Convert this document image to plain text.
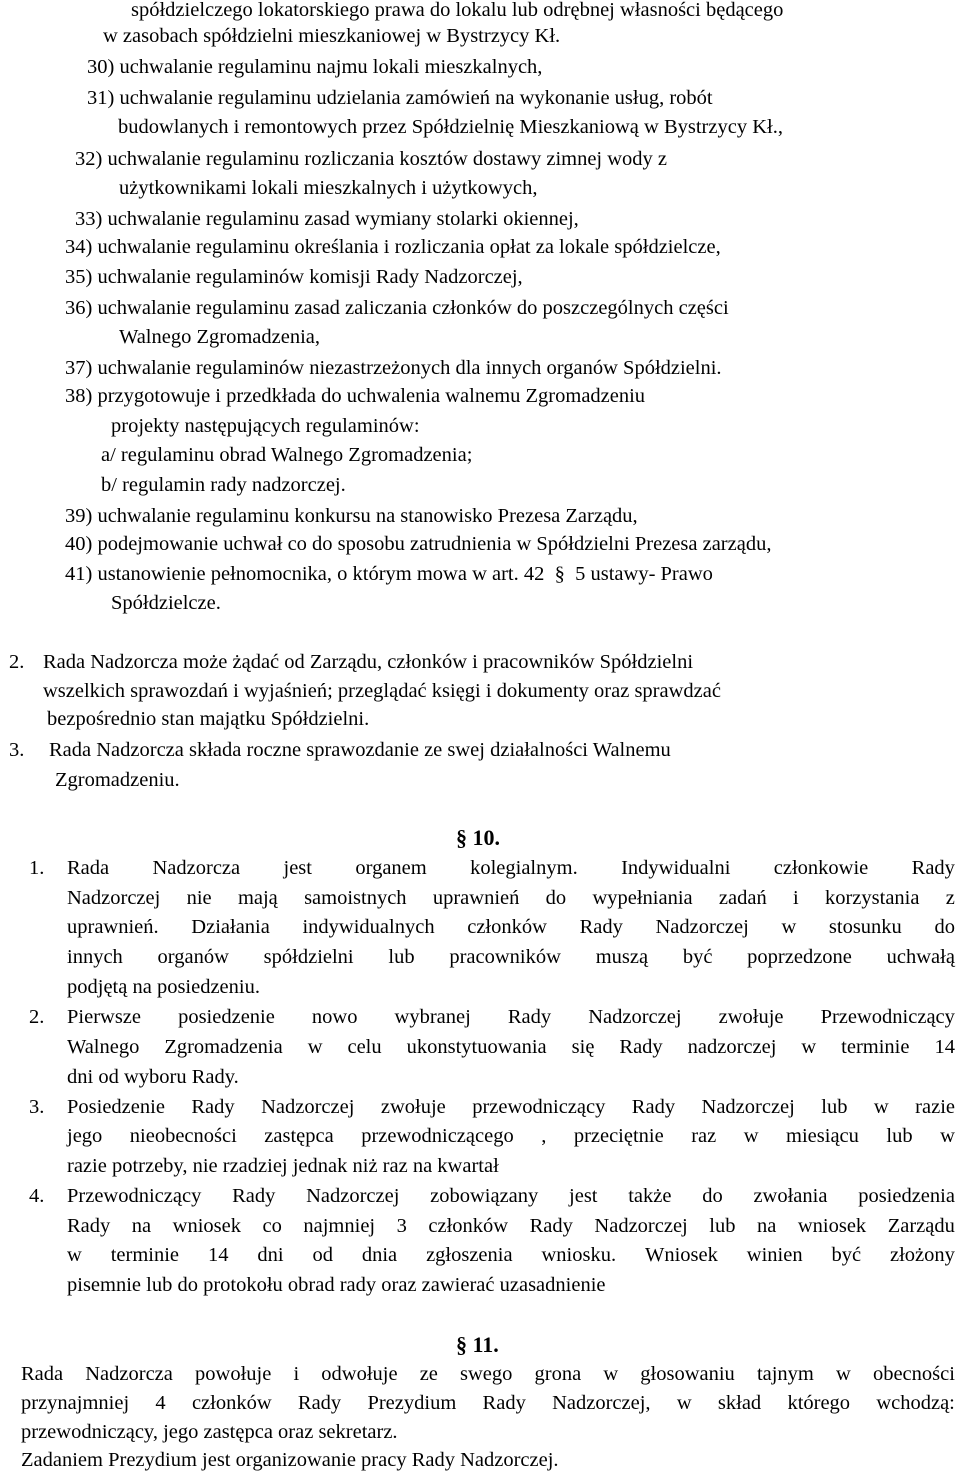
spółdzielczego lokatorskiego prawa do lokalu lub odrębnej własności będącego
w zasobach spółdzielni mieszkaniowej w Bystrzycy Kł.
30) uchwalanie regulaminu najmu lokali mieszkalnych,
31) uchwalanie regulaminu udzielania zamówień na wykonanie usług, robót
budowlanych i remontowych przez Spółdzielnię Mieszkaniową w Bystrzycy Kł.,
32) uchwalanie regulaminu rozliczania kosztów dostawy zimnej wody z
użytkownikami lokali mieszkalnych i użytkowych,
33) uchwalanie regulaminu zasad wymiany stolarki okiennej,
34) uchwalanie regulaminu określania i rozliczania opłat za lokale spółdzielcze,
35) uchwalanie regulaminów komisji Rady Nadzorczej,
36) uchwalanie regulaminu zasad zaliczania członków do poszczególnych części
Walnego Zgromadzenia,
37) uchwalanie regulaminów niezastrzeżonych dla innych organów Spółdzielni.
38) przygotowuje i przedkłada do uchwalenia walnemu Zgromadzeniu
projekty następujących regulaminów:
a/ regulaminu obrad Walnego Zgromadzenia;
b/ regulamin rady nadzorczej.
39) uchwalanie regulaminu konkursu na stanowisko Prezesa Zarządu,
40) podejmowanie uchwał co do sposobu zatrudnienia w Spółdzielni Prezesa zarządu,
41) ustanowienie pełnomocnika, o którym mowa w art. 42  §  5 ustawy- Prawo
Spółdzielcze.
2. Rada Nadzorcza może żądać od Zarządu, członków i pracowników Spółdzielni
wszelkich sprawozdań i wyjaśnień; przeglądać księgi i dokumenty oraz sprawdzać
bezpośrednio stan majątku Spółdzielni.
3. Rada Nadzorcza składa roczne sprawozdanie ze swej działalności Walnemu
Zgromadzeniu.
§ 10.
1. Rada Nadzorcza jest organem kolegialnym. Indywidualni członkowie Rady
Nadzorczej nie mają samoistnych uprawnień do wypełniania zadań i korzystania z
uprawnień. Działania indywidualnych członków Rady Nadzorczej w stosunku do
innych organów spółdzielni lub pracowników muszą być poprzedzone uchwałą
podjętą na posiedzeniu.
2. Pierwsze posiedzenie nowo wybranej Rady Nadzorczej zwołuje Przewodniczący
Walnego Zgromadzenia w celu ukonstytuowania się Rady nadzorczej w terminie 14
dni od wyboru Rady.
3. Posiedzenie Rady Nadzorczej zwołuje przewodniczący Rady Nadzorczej lub w razie
jego nieobecności zastępca przewodniczącego , przeciętnie raz w miesiącu lub w
razie potrzeby, nie rzadziej jednak niż raz na kwartał
4. Przewodniczący Rady Nadzorczej zobowiązany jest także do zwołania posiedzenia
Rady na wniosek co najmniej 3 członków Rady Nadzorczej lub na wniosek Zarządu
w terminie 14 dni od dnia zgłoszenia wniosku. Wniosek winien być złożony
pisemnie lub do protokołu obrad rady oraz zawierać uzasadnienie
§ 11.
Rada Nadzorcza powołuje i odwołuje ze swego grona w głosowaniu tajnym w obecności
przynajmniej 4 członków Rady Prezydium Rady Nadzorczej, w skład którego wchodzą:
przewodniczący, jego zastępca oraz sekretarz.
Zadaniem Prezydium jest organizowanie pracy Rady Nadzorczej.
